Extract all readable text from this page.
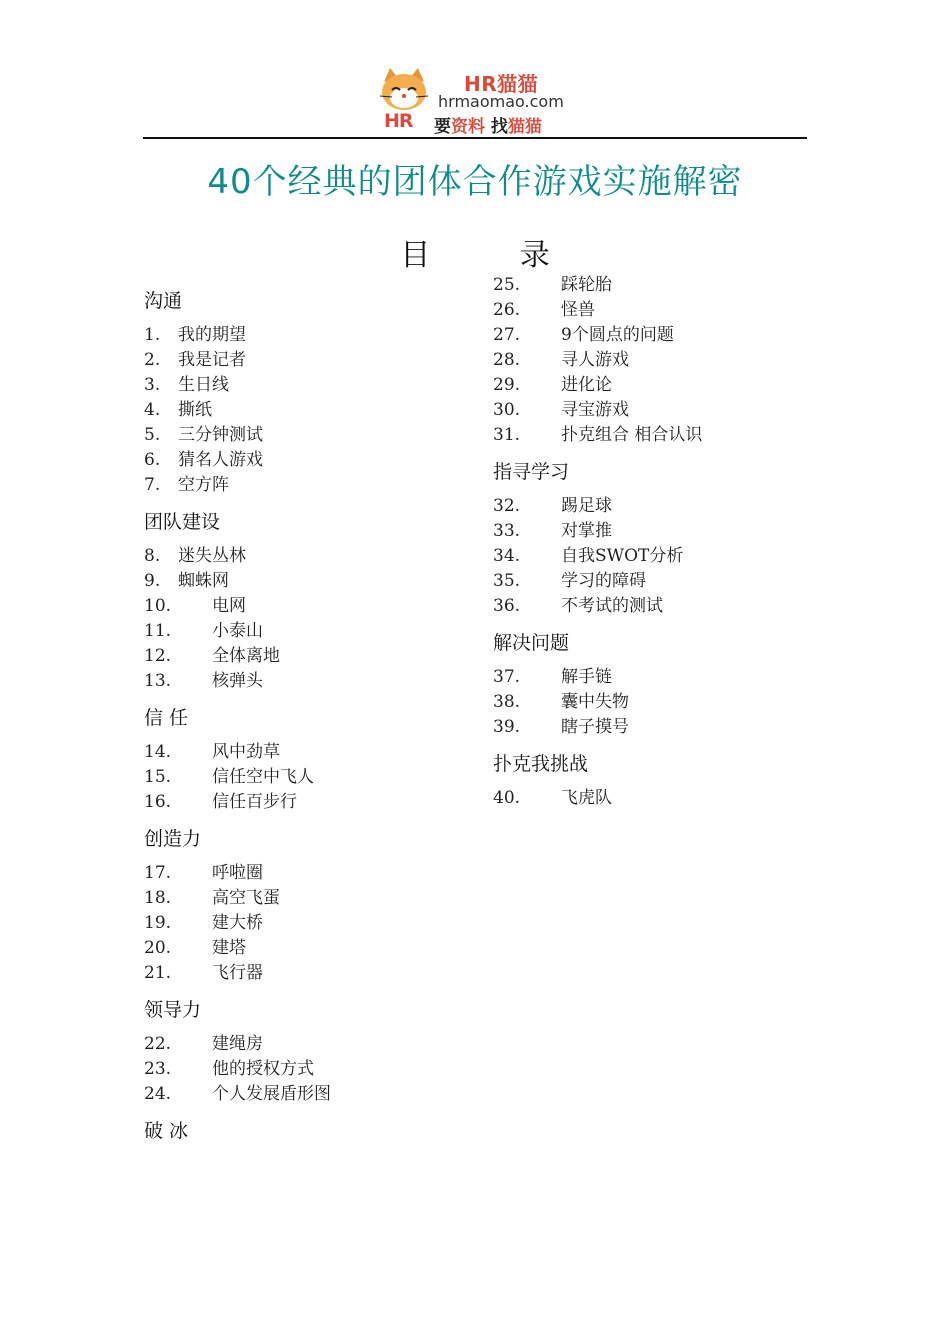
HR猫猫
hrmaomao.com
HR 要资料 找猫猫
40个经典的团体合作游戏实施解密
目 录
沟通
1. 我的期望
2. 我是记者
3. 生日线
4. 撕纸
5. 三分钟测试
6. 猜名人游戏
7. 空方阵
团队建设
8. 迷失丛林
9. 蜘蛛网
10. 电网
11. 小泰山
12. 全体离地
13. 核弹头
信 任
14. 风中劲草
15. 信任空中飞人
16. 信任百步行
创造力
17. 呼啦圈
18. 高空飞蛋
19. 建大桥
20. 建塔
21. 飞行器
领导力
22. 建绳房
23. 他的授权方式
24. 个人发展盾形图
破 冰
25. 踩轮胎
26. 怪兽
27. 9个圆点的问题
28. 寻人游戏
29. 进化论
30. 寻宝游戏
31. 扑克组合 相合认识
指寻学习
32. 踢足球
33. 对掌推
34. 自我SWOT分析
35. 学习的障碍
36. 不考试的测试
解决问题
37. 解手链
38. 囊中失物
39. 瞎子摸号
扑克我挑战
40. 飞虎队
